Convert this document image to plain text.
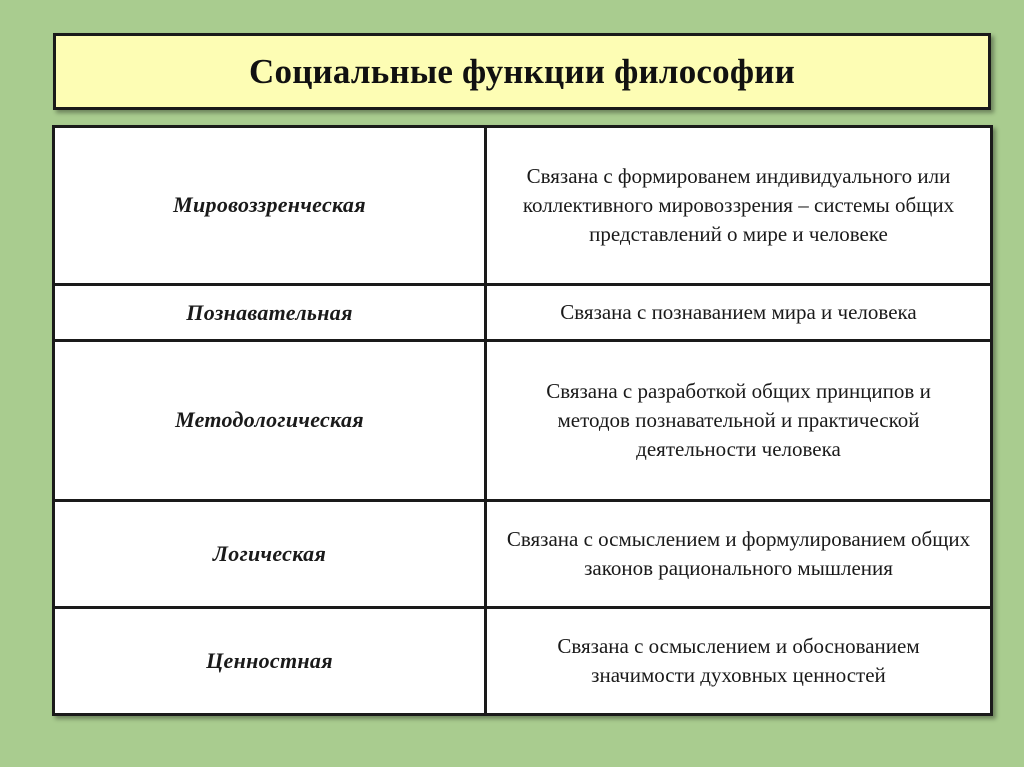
Социальные функции философии
Мировоззренческая	Связана с формированем индивидуального или коллективного мировоззрения – системы общих представлений о мире и человеке

Познавательная	Связана с познаванием мира и человека

Методологическая	Связана с разработкой общих принципов и методов познавательной и практической деятельности человека

Логическая	Связана с осмыслением и формулированием общих законов рационального мышления

Ценностная	Связана с осмыслением и обоснованием значимости духовных ценностей
